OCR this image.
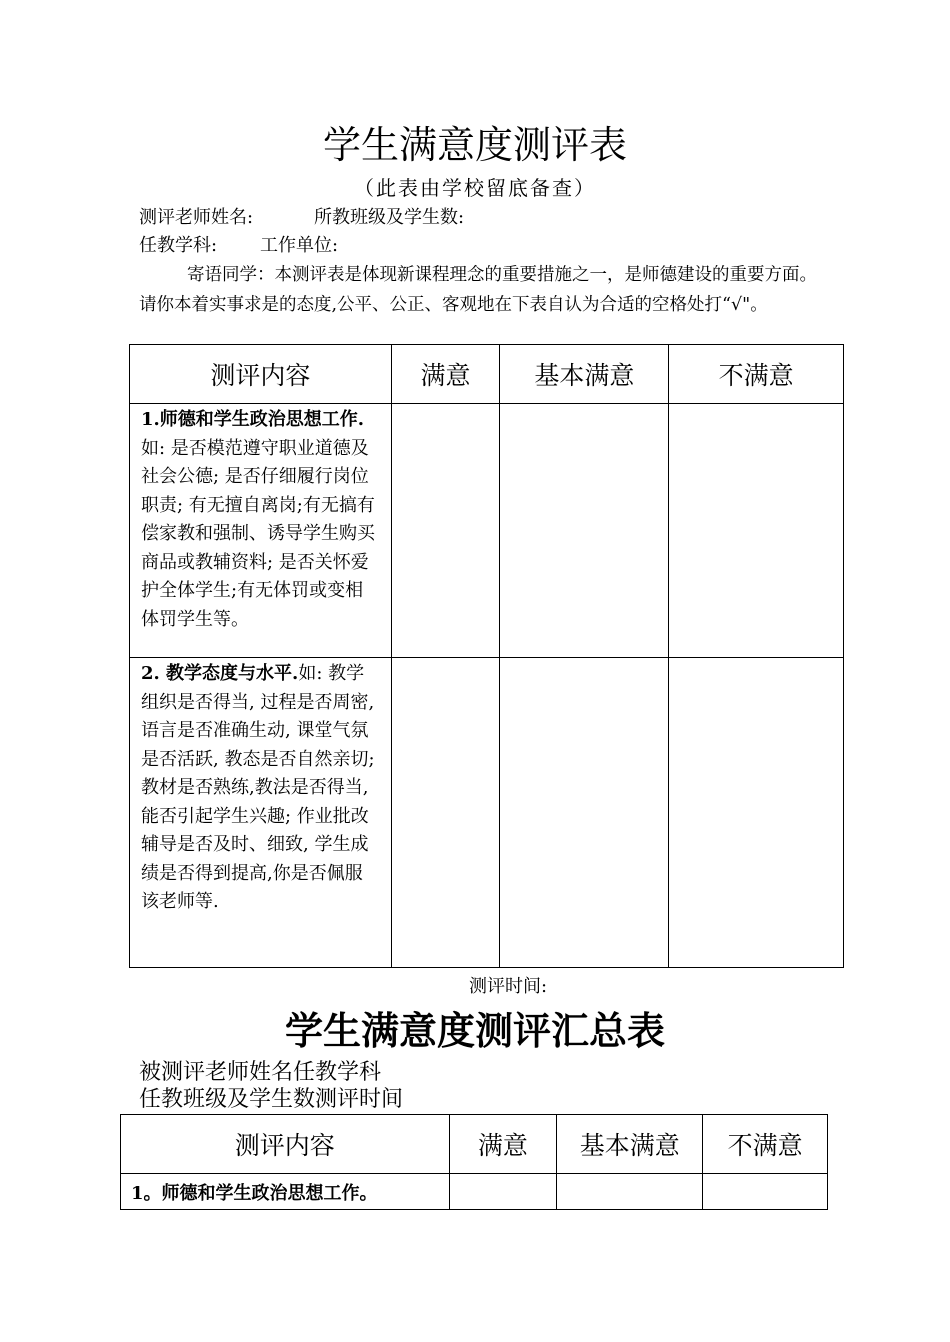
学生满意度测评表
（此表由学校留底备查）
测评老师姓名:	所教班级及学生数:
任教学科: 工作单位:
寄语同学：本测评表是体现新课程理念的重要措施之一，是师德建设的重要方面。请你本着实事求是的态度,公平、公正、客观地在下表自认为合适的空格处打“√"。
测评内容	满意	基本满意	不满意

1.师德和学生政治思想工作.如: 是否模范遵守职业道德及社会公德; 是否仔细履行岗位职责; 有无擅自离岗;有无搞有偿家教和强制、诱导学生购买商品或教辅资料; 是否关怀爱护全体学生;有无体罚或变相体罚学生等。			

2. 教学态度与水平.如: 教学组织是否得当, 过程是否周密, 语言是否准确生动, 课堂气氛是否活跃, 教态是否自然亲切; 教材是否熟练,教法是否得当,能否引起学生兴趣; 作业批改辅导是否及时、细致, 学生成绩是否得到提高,你是否佩服该老师等.			

测评时间:
学生满意度测评汇总表
被测评老师姓名任教学科
任教班级及学生数测评时间
测评内容	满意	基本满意	不满意
1。师德和学生政治思想工作。			
